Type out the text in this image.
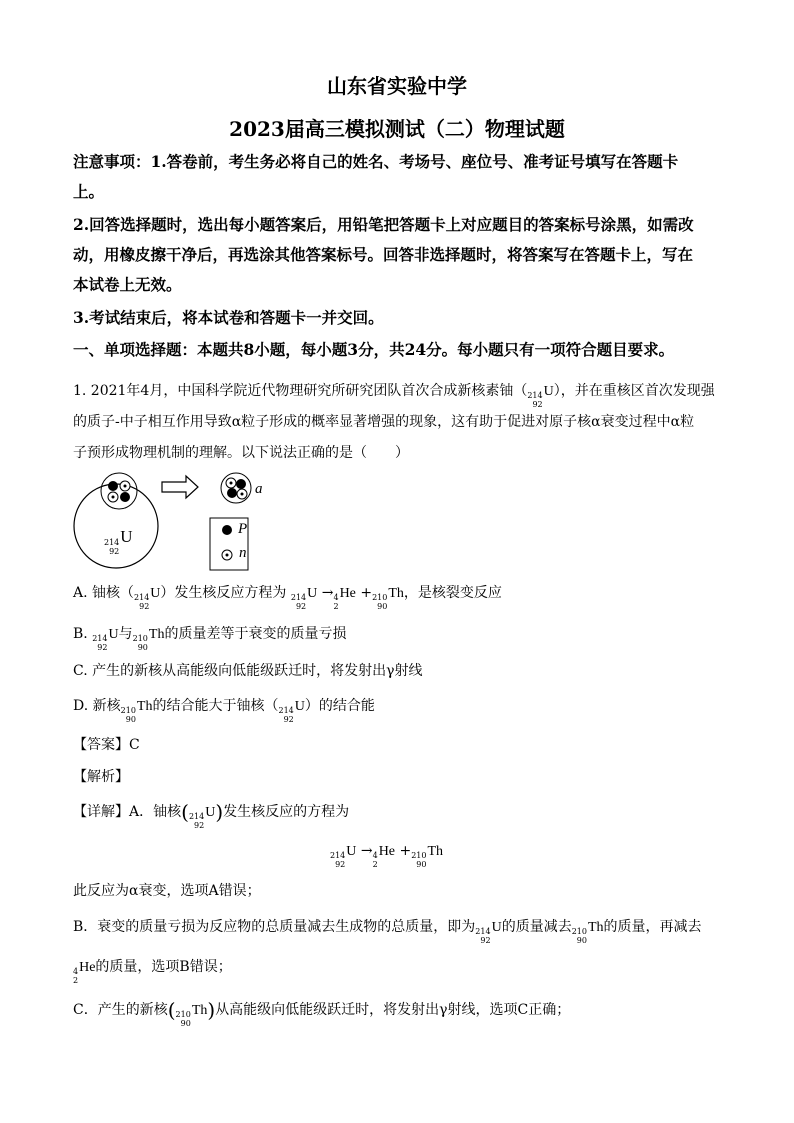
山东省实验中学
2023届高三模拟测试（二）物理试题
注意事项：1.答卷前，考生务必将自己的姓名、考场号、座位号、准考证号填写在答题卡
上。
2.回答选择题时，选出每小题答案后，用铅笔把答题卡上对应题目的答案标号涂黑，如需改
动，用橡皮擦干净后，再选涂其他答案标号。回答非选择题时，将答案写在答题卡上，写在
本试卷上无效。
3.考试结束后，将本试卷和答题卡一并交回。
一、单项选择题：本题共8小题，每小题3分，共24分。每小题只有一项符合题目要求。
1. 2021年4月，中国科学院近代物理研究所研究团队首次合成新核素铀（ 214
92
U），并在重核区首次发现强
的质子-中子相互作用导致α粒子形成的概率显著增强的现象，这有助于促进对原子核α衰变过程中α粒
子预形成物理机制的理解。以下说法正确的是（　　）
a
P
n
214
92
U
A. 铀核（ 214
92
U）发生核反应方程为 214
92
U → 4
2
He + 210
90
Th，是核裂变反应
B. 214
92
U与 210
90
Th的质量差等于衰变的质量亏损
C. 产生的新核从高能级向低能级跃迁时，将发射出γ射线
D. 新核 210
90
Th的结合能大于铀核（ 214
92
U）的结合能
【答案】C
【解析】
【详解】A．铀核( 214
92
U)发生核反应的方程为
214
92
U → 4
2
He + 210
90
Th
此反应为α衰变，选项A错误；
B．衰变的质量亏损为反应物的总质量减去生成物的总质量，即为 214
92
U的质量减去 210
90
Th的质量，再减去
4
2
He的质量，选项B错误；
C．产生的新核( 210
90
Th)从高能级向低能级跃迁时，将发射出γ射线，选项C正确；
